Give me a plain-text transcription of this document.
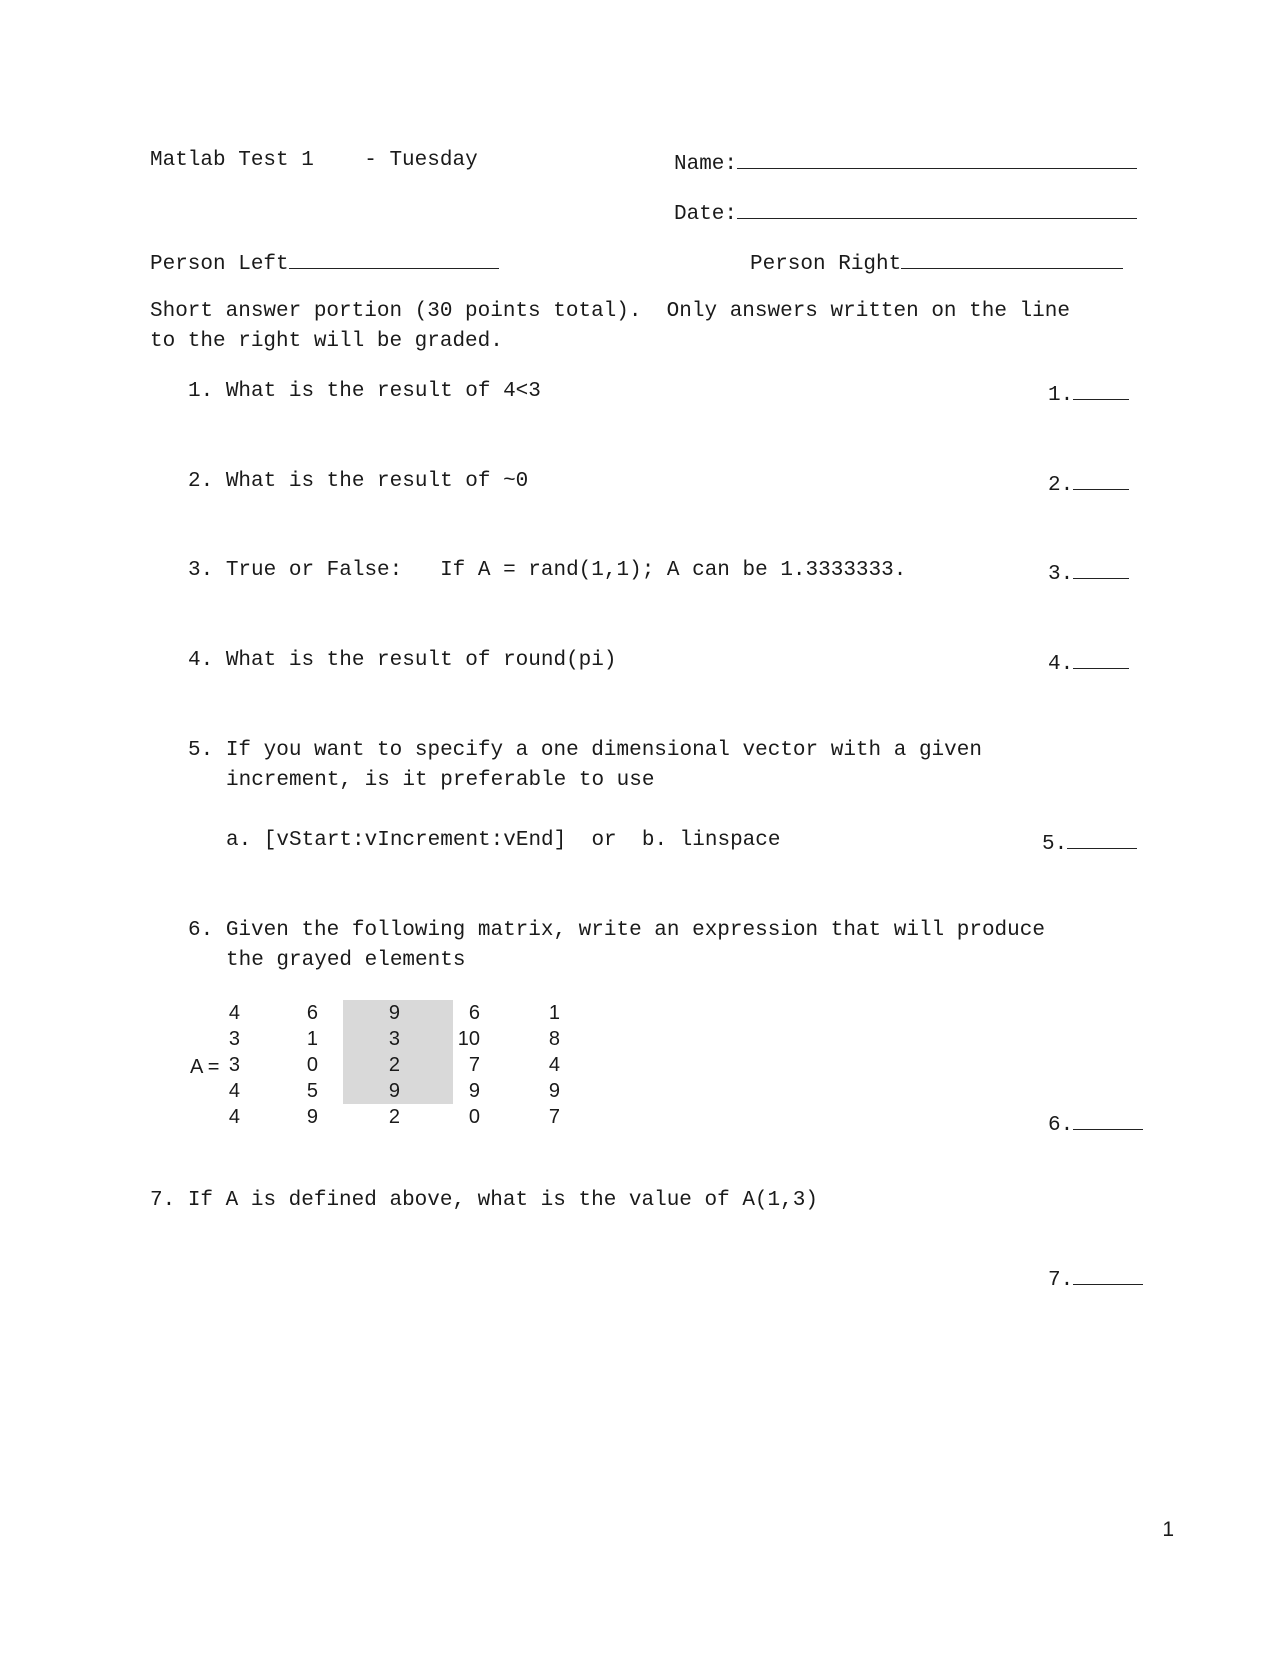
Matlab Test 1 - Tuesday	Name:
Date:
Person Left	Person Right
Short answer portion (30 points total).  Only answers written on the line
to the right will be graded.
1. What is the result of 4<3	1.
2. What is the result of ~0	2.
3. True or False:   If A = rand(1,1); A can be 1.3333333.	3.
4. What is the result of round(pi)	4.
5. If you want to specify a one dimensional vector with a given
increment, is it preferable to use
a. [vStart:vIncrement:vEnd]  or  b. linspace	5.
6. Given the following matrix, write an expression that will produce
the grayed elements
A =
4	6	9	6	1
3	1	3	10	8
3	0	2	7	4
4	5	9	9	9
4	9	2	0	7	6.
7. If A is defined above, what is the value of A(1,3)
7.
1
